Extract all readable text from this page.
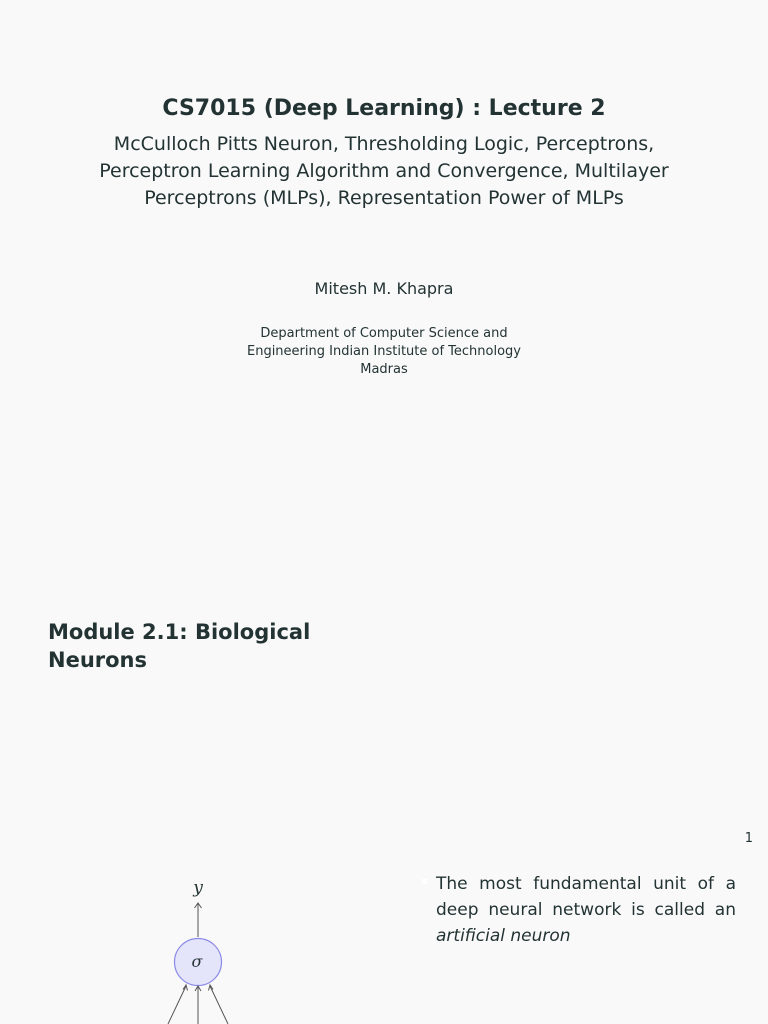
CS7015 (Deep Learning) : Lecture 2
McCulloch Pitts Neuron, Thresholding Logic, Perceptrons, Perceptron Learning Algorithm and Convergence, Multilayer Perceptrons (MLPs), Representation Power of MLPs
Mitesh M. Khapra
Department of Computer Science and Engineering Indian Institute of Technology Madras
Module 2.1: Biological Neurons
1
y
σ
The most fundamental unit of a deep neural network is called an artificial neuron
